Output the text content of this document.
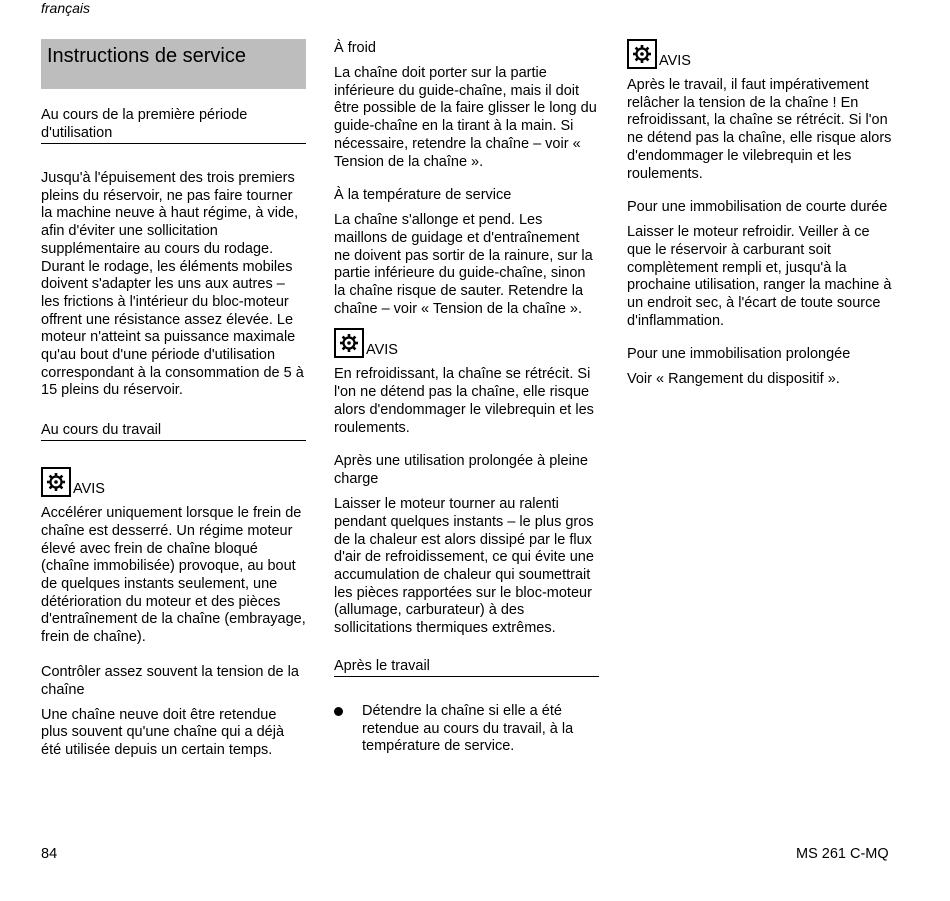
français
Instructions de service
Au cours de la première période d'utilisation
Jusqu'à l'épuisement des trois premiers pleins du réservoir, ne pas faire tourner la machine neuve à haut régime, à vide, afin d'éviter une sollicitation supplémentaire au cours du rodage. Durant le rodage, les éléments mobiles doivent s'adapter les uns aux autres – les frictions à l'intérieur du bloc-moteur offrent une résistance assez élevée. Le moteur n'atteint sa puissance maximale qu'au bout d'une période d'utilisation correspondant à la consommation de 5 à 15 pleins du réservoir.
Au cours du travail
AVIS
Accélérer uniquement lorsque le frein de chaîne est desserré. Un régime moteur élevé avec frein de chaîne bloqué (chaîne immobilisée) provoque, au bout de quelques instants seulement, une détérioration du moteur et des pièces d'entraînement de la chaîne (embrayage, frein de chaîne).
Contrôler assez souvent la tension de la chaîne
Une chaîne neuve doit être retendue plus souvent qu'une chaîne qui a déjà été utilisée depuis un certain temps.
À froid
La chaîne doit porter sur la partie inférieure du guide-chaîne, mais il doit être possible de la faire glisser le long du guide-chaîne en la tirant à la main. Si nécessaire, retendre la chaîne – voir « Tension de la chaîne ».
À la température de service
La chaîne s'allonge et pend. Les maillons de guidage et d'entraînement ne doivent pas sortir de la rainure, sur la partie inférieure du guide-chaîne, sinon la chaîne risque de sauter. Retendre la chaîne – voir « Tension de la chaîne ».
AVIS
En refroidissant, la chaîne se rétrécit. Si l'on ne détend pas la chaîne, elle risque alors d'endommager le vilebrequin et les roulements.
Après une utilisation prolongée à pleine charge
Laisser le moteur tourner au ralenti pendant quelques instants – le plus gros de la chaleur est alors dissipé par le flux d'air de refroidissement, ce qui évite une accumulation de chaleur qui soumettrait les pièces rapportées sur le bloc-moteur (allumage, carburateur) à des sollicitations thermiques extrêmes.
Après le travail
Détendre la chaîne si elle a été retendue au cours du travail, à la température de service.
AVIS
Après le travail, il faut impérativement relâcher la tension de la chaîne ! En refroidissant, la chaîne se rétrécit. Si l'on ne détend pas la chaîne, elle risque alors d'endommager le vilebrequin et les roulements.
Pour une immobilisation de courte durée
Laisser le moteur refroidir. Veiller à ce que le réservoir à carburant soit complètement rempli et, jusqu'à la prochaine utilisation, ranger la machine à un endroit sec, à l'écart de toute source d'inflammation.
Pour une immobilisation prolongée
Voir « Rangement du dispositif ».
84	MS 261 C-MQ
